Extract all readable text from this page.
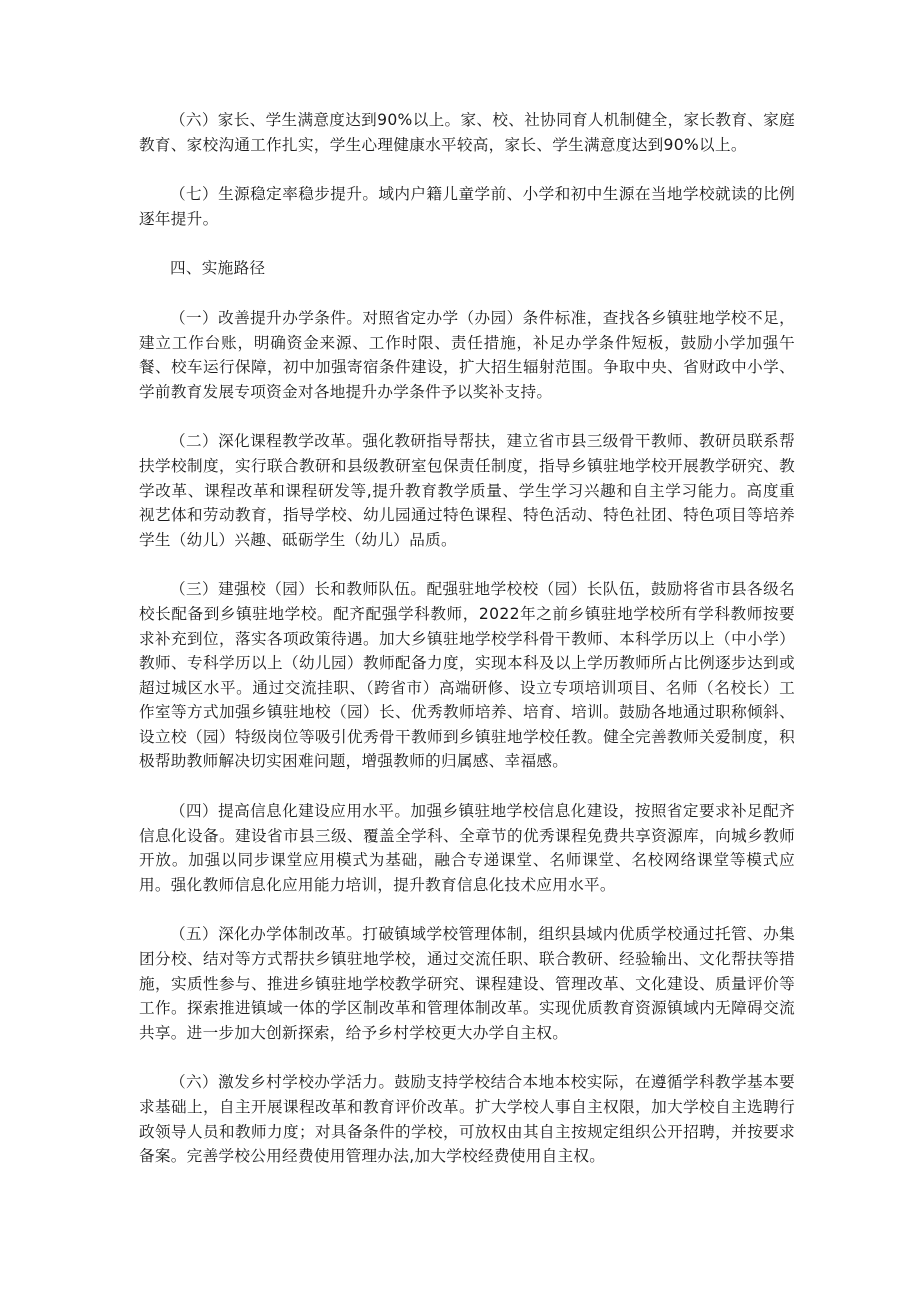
（六）家长、学生满意度达到90%以上。家、校、社协同育人机制健全，家长教育、家庭教育、家校沟通工作扎实，学生心理健康水平较高，家长、学生满意度达到90%以上。

（七）生源稳定率稳步提升。域内户籍儿童学前、小学和初中生源在当地学校就读的比例逐年提升。

四、实施路径

（一）改善提升办学条件。对照省定办学（办园）条件标准，查找各乡镇驻地学校不足，建立工作台账，明确资金来源、工作时限、责任措施，补足办学条件短板，鼓励小学加强午餐、校车运行保障，初中加强寄宿条件建设，扩大招生辐射范围。争取中央、省财政中小学、学前教育发展专项资金对各地提升办学条件予以奖补支持。

（二）深化课程教学改革。强化教研指导帮扶，建立省市县三级骨干教师、教研员联系帮扶学校制度，实行联合教研和县级教研室包保责任制度，指导乡镇驻地学校开展教学研究、教学改革、课程改革和课程研发等,提升教育教学质量、学生学习兴趣和自主学习能力。高度重视艺体和劳动教育，指导学校、幼儿园通过特色课程、特色活动、特色社团、特色项目等培养学生（幼儿）兴趣、砥砺学生（幼儿）品质。

（三）建强校（园）长和教师队伍。配强驻地学校校（园）长队伍，鼓励将省市县各级名校长配备到乡镇驻地学校。配齐配强学科教师，2022年之前乡镇驻地学校所有学科教师按要求补充到位，落实各项政策待遇。加大乡镇驻地学校学科骨干教师、本科学历以上（中小学）教师、专科学历以上（幼儿园）教师配备力度，实现本科及以上学历教师所占比例逐步达到或超过城区水平。通过交流挂职、（跨省市）高端研修、设立专项培训项目、名师（名校长）工作室等方式加强乡镇驻地校（园）长、优秀教师培养、培育、培训。鼓励各地通过职称倾斜、设立校（园）特级岗位等吸引优秀骨干教师到乡镇驻地学校任教。健全完善教师关爱制度，积极帮助教师解决切实困难问题，增强教师的归属感、幸福感。

（四）提高信息化建设应用水平。加强乡镇驻地学校信息化建设，按照省定要求补足配齐信息化设备。建设省市县三级、覆盖全学科、全章节的优秀课程免费共享资源库，向城乡教师开放。加强以同步课堂应用模式为基础，融合专递课堂、名师课堂、名校网络课堂等模式应用。强化教师信息化应用能力培训，提升教育信息化技术应用水平。

（五）深化办学体制改革。打破镇域学校管理体制，组织县域内优质学校通过托管、办集团分校、结对等方式帮扶乡镇驻地学校，通过交流任职、联合教研、经验输出、文化帮扶等措施，实质性参与、推进乡镇驻地学校教学研究、课程建设、管理改革、文化建设、质量评价等工作。探索推进镇域一体的学区制改革和管理体制改革。实现优质教育资源镇域内无障碍交流共享。进一步加大创新探索，给予乡村学校更大办学自主权。

（六）激发乡村学校办学活力。鼓励支持学校结合本地本校实际，在遵循学科教学基本要求基础上，自主开展课程改革和教育评价改革。扩大学校人事自主权限，加大学校自主选聘行政领导人员和教师力度；对具备条件的学校，可放权由其自主按规定组织公开招聘，并按要求备案。完善学校公用经费使用管理办法,加大学校经费使用自主权。
